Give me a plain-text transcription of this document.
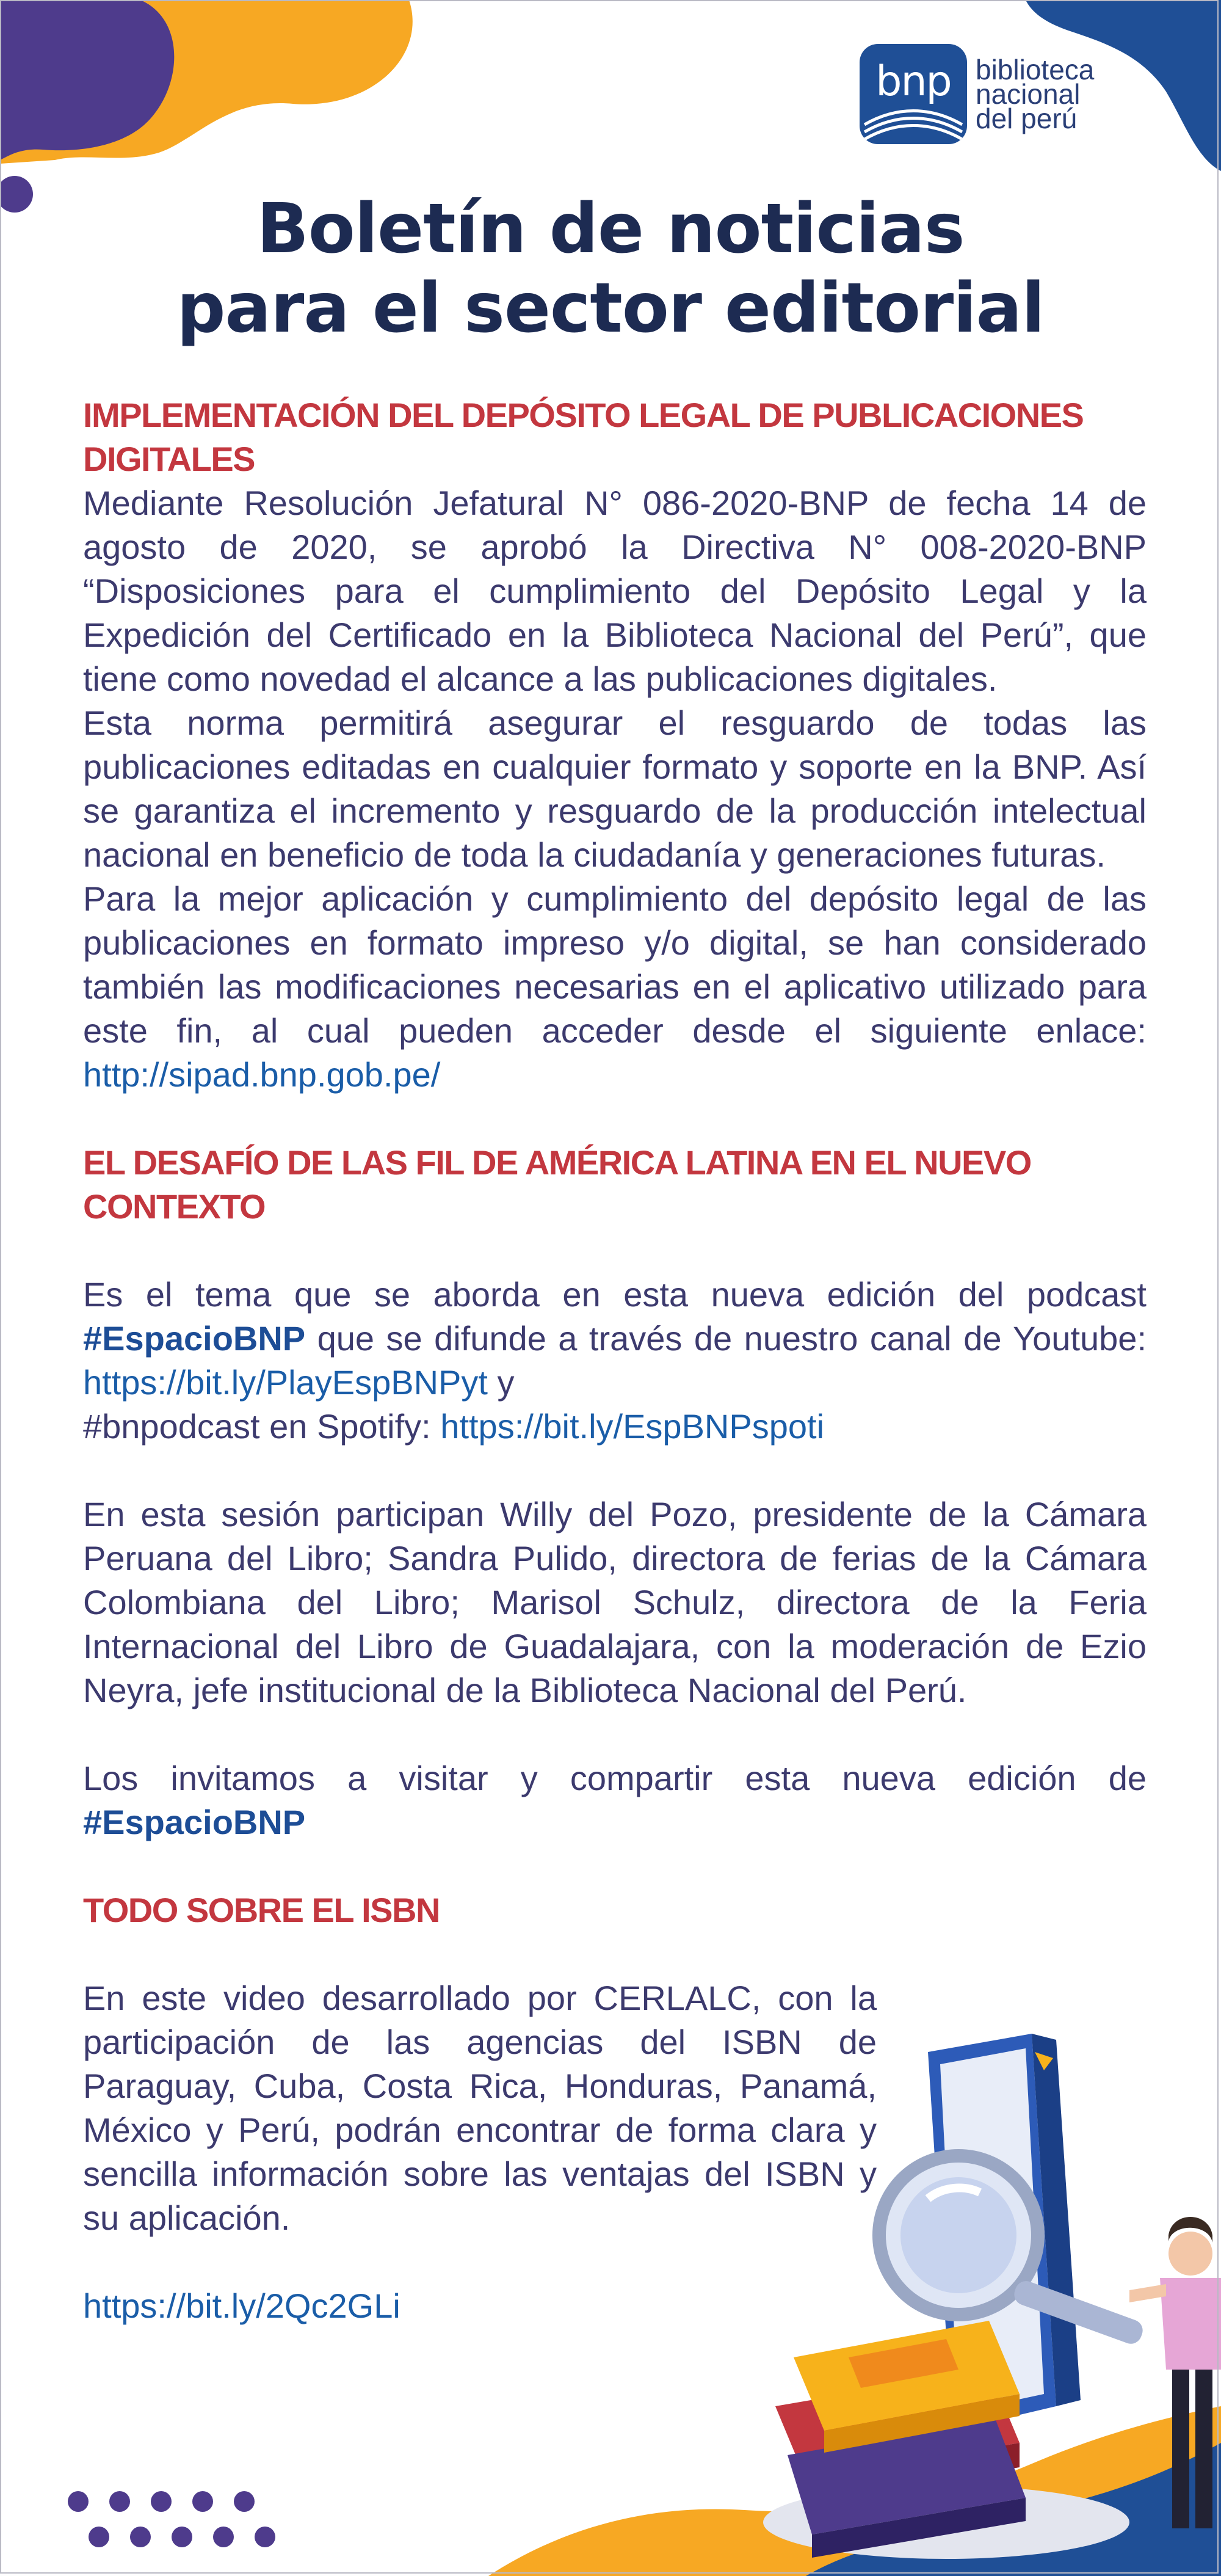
bnp biblioteca
nacional
del perú
Boletín de noticias
para el sector editorial
IMPLEMENTACIÓN DEL DEPÓSITO LEGAL DE PUBLICACIONES DIGITALES

Mediante Resolución Jefatural N° 086-2020-BNP de fecha 14 de agosto de 2020, se aprobó la Directiva N° 008-2020-BNP “Disposiciones para el cumplimiento del Depósito Legal y la Expedición del Certificado en la Biblioteca Nacional del Perú”, que tiene como novedad el alcance a las publicaciones digitales.

Esta norma permitirá asegurar el resguardo de todas las publicaciones editadas en cualquier formato y soporte en la BNP. Así se garantiza el incremento y resguardo de la producción intelectual nacional en beneficio de toda la ciudadanía y generaciones futuras.

Para la mejor aplicación y cumplimiento del depósito legal de las publicaciones en formato impreso y/o digital, se han considerado también las modificaciones necesarias en el aplicativo utilizado para este fin, al cual pueden acceder desde el siguiente enlace: http://sipad.bnp.gob.pe/

EL DESAFÍO DE LAS FIL DE AMÉRICA LATINA EN EL NUEVO CONTEXTO

Es el tema que se aborda en esta nueva edición del podcast #EspacioBNP que se difunde a través de nuestro canal de Youtube: https://bit.ly/PlayEspBNPyt y
#bnpodcast en Spotify: https://bit.ly/EspBNPspoti

En esta sesión participan Willy del Pozo, presidente de la Cámara Peruana del Libro; Sandra Pulido, directora de ferias de la Cámara Colombiana del Libro; Marisol Schulz, directora de la Feria Internacional del Libro de Guadalajara, con la moderación de Ezio Neyra, jefe institucional de la Biblioteca Nacional del Perú.

Los invitamos a visitar y compartir esta nueva edición de #EspacioBNP

TODO SOBRE EL ISBN

En este video desarrollado por CERLALC, con la participación de las agencias del ISBN de Paraguay, Cuba, Costa Rica, Honduras, Panamá, México y Perú, podrán encontrar de forma clara y sencilla información sobre las ventajas del ISBN y su aplicación.

https://bit.ly/2Qc2GLi
